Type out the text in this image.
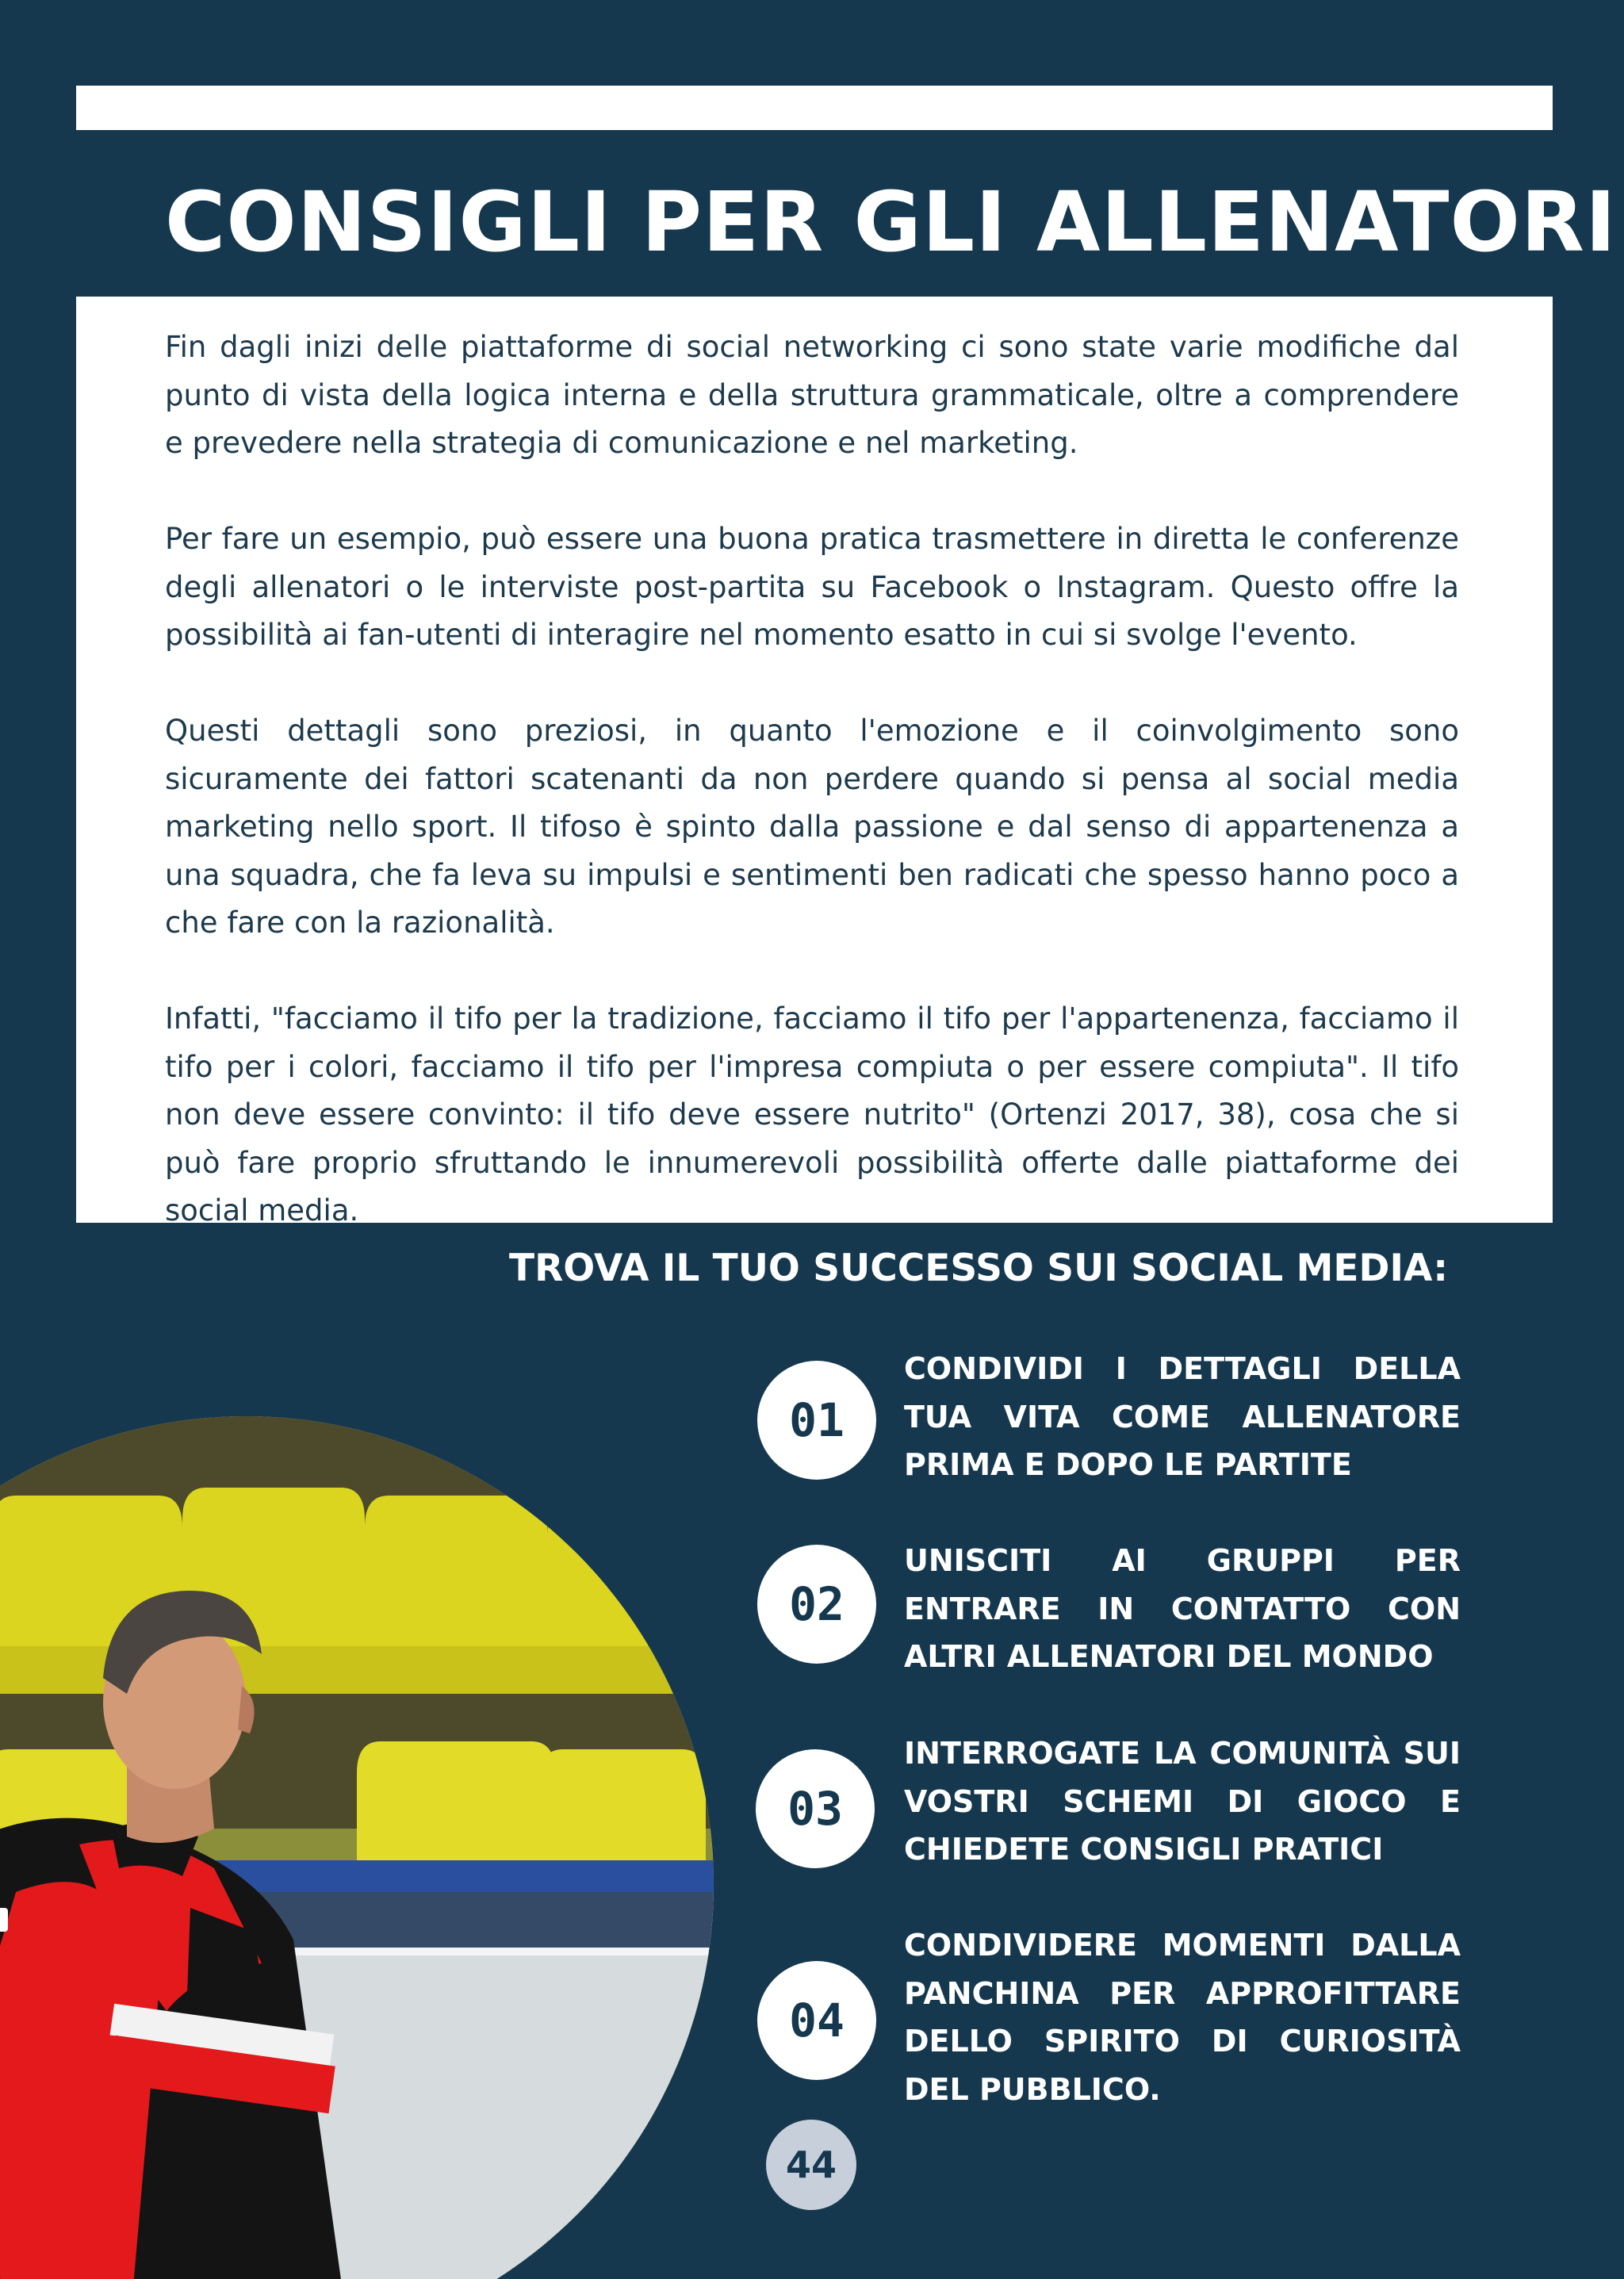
CONSIGLI PER GLI ALLENATORI

Fin dagli inizi delle piattaforme di social networking ci sono state varie modifiche dal punto di vista della logica interna e della struttura grammaticale, oltre a comprendere e prevedere nella strategia di comunicazione e nel marketing.

Per fare un esempio, può essere una buona pratica trasmettere in diretta le conferenze degli allenatori o le interviste post-partita su Facebook o Instagram. Questo offre la possibilità ai fan-utenti di interagire nel momento esatto in cui si svolge l'evento.

Questi dettagli sono preziosi, in quanto l'emozione e il coinvolgimento sono sicuramente dei fattori scatenanti da non perdere quando si pensa al social media marketing nello sport. Il tifoso è spinto dalla passione e dal senso di appartenenza a una squadra, che fa leva su impulsi e sentimenti ben radicati che spesso hanno poco a che fare con la razionalità.

Infatti, "facciamo il tifo per la tradizione, facciamo il tifo per l'appartenenza, facciamo il tifo per i colori, facciamo il tifo per l'impresa compiuta o per essere compiuta". Il tifo non deve essere convinto: il tifo deve essere nutrito" (Ortenzi 2017, 38), cosa che si può fare proprio sfruttando le innumerevoli possibilità offerte dalle piattaforme dei social media.

TROVA IL TUO SUCCESSO SUI SOCIAL MEDIA:
01

CONDIVIDI I DETTAGLI DELLA TUA VITA COME ALLENATORE PRIMA E DOPO LE PARTITE

02

UNISCITI AI GRUPPI PER ENTRARE IN CONTATTO CON ALTRI ALLENATORI DEL MONDO

03

INTERROGATE LA COMUNITÀ SUI VOSTRI SCHEMI DI GIOCO E CHIEDETE CONSIGLI PRATICI

04

CONDIVIDERE MOMENTI DALLA PANCHINA PER APPROFITTARE DELLO SPIRITO DI CURIOSITÀ DEL PUBBLICO.

44
